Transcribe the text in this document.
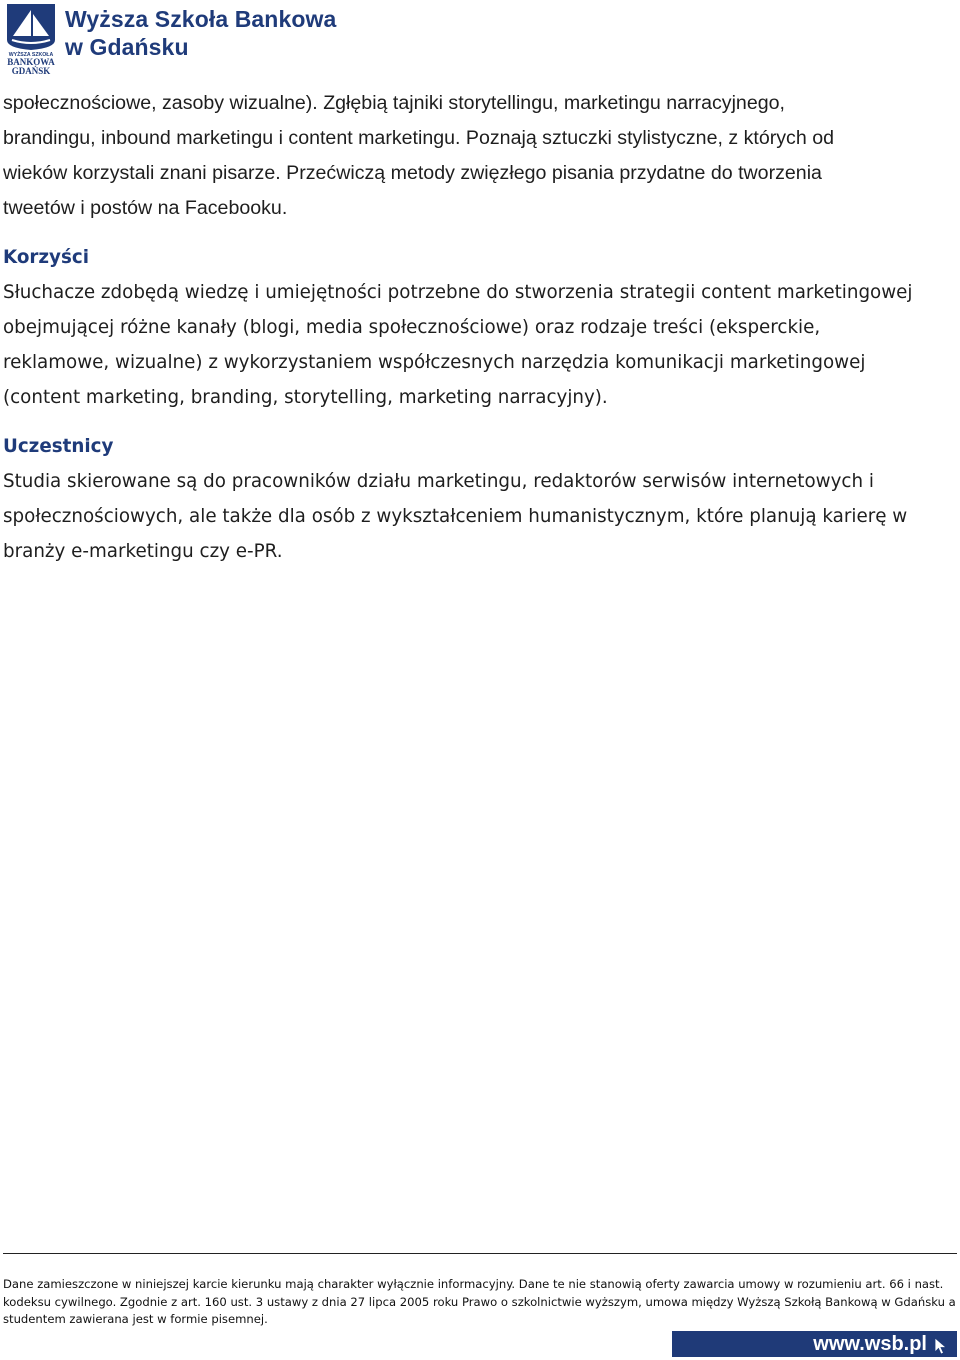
WYŻSZA SZKOŁA
BANKOWA
GDAŃSK
Wyższa Szkoła Bankowa
w Gdańsku

społecznościowe, zasoby wizualne). Zgłębią tajniki storytellingu, marketingu narracyjnego,

brandingu, inbound marketingu i content marketingu. Poznają sztuczki stylistyczne, z których od

wieków korzystali znani pisarze. Przećwiczą metody zwięzłego pisania przydatne do tworzenia

tweetów i postów na Facebooku.

Korzyści

Słuchacze zdobędą wiedzę i umiejętności potrzebne do stworzenia strategii content marketingowej

obejmującej różne kanały (blogi, media społecznościowe) oraz rodzaje treści (eksperckie,

reklamowe, wizualne) z wykorzystaniem współczesnych narzędzia komunikacji marketingowej

(content marketing, branding, storytelling, marketing narracyjny).

Uczestnicy

Studia skierowane są do pracowników działu marketingu, redaktorów serwisów internetowych i

społecznościowych, ale także dla osób z wykształceniem humanistycznym, które planują karierę w

branży e-marketingu czy e-PR.

Dane zamieszczone w niniejszej karcie kierunku mają charakter wyłącznie informacyjny. Dane te nie stanowią oferty zawarcia umowy w rozumieniu art. 66 i nast.
kodeksu cywilnego. Zgodnie z art. 160 ust. 3 ustawy z dnia 27 lipca 2005 roku Prawo o szkolnictwie wyższym, umowa między Wyższą Szkołą Bankową w Gdańsku a
studentem zawierana jest w formie pisemnej.
www.wsb.pl
